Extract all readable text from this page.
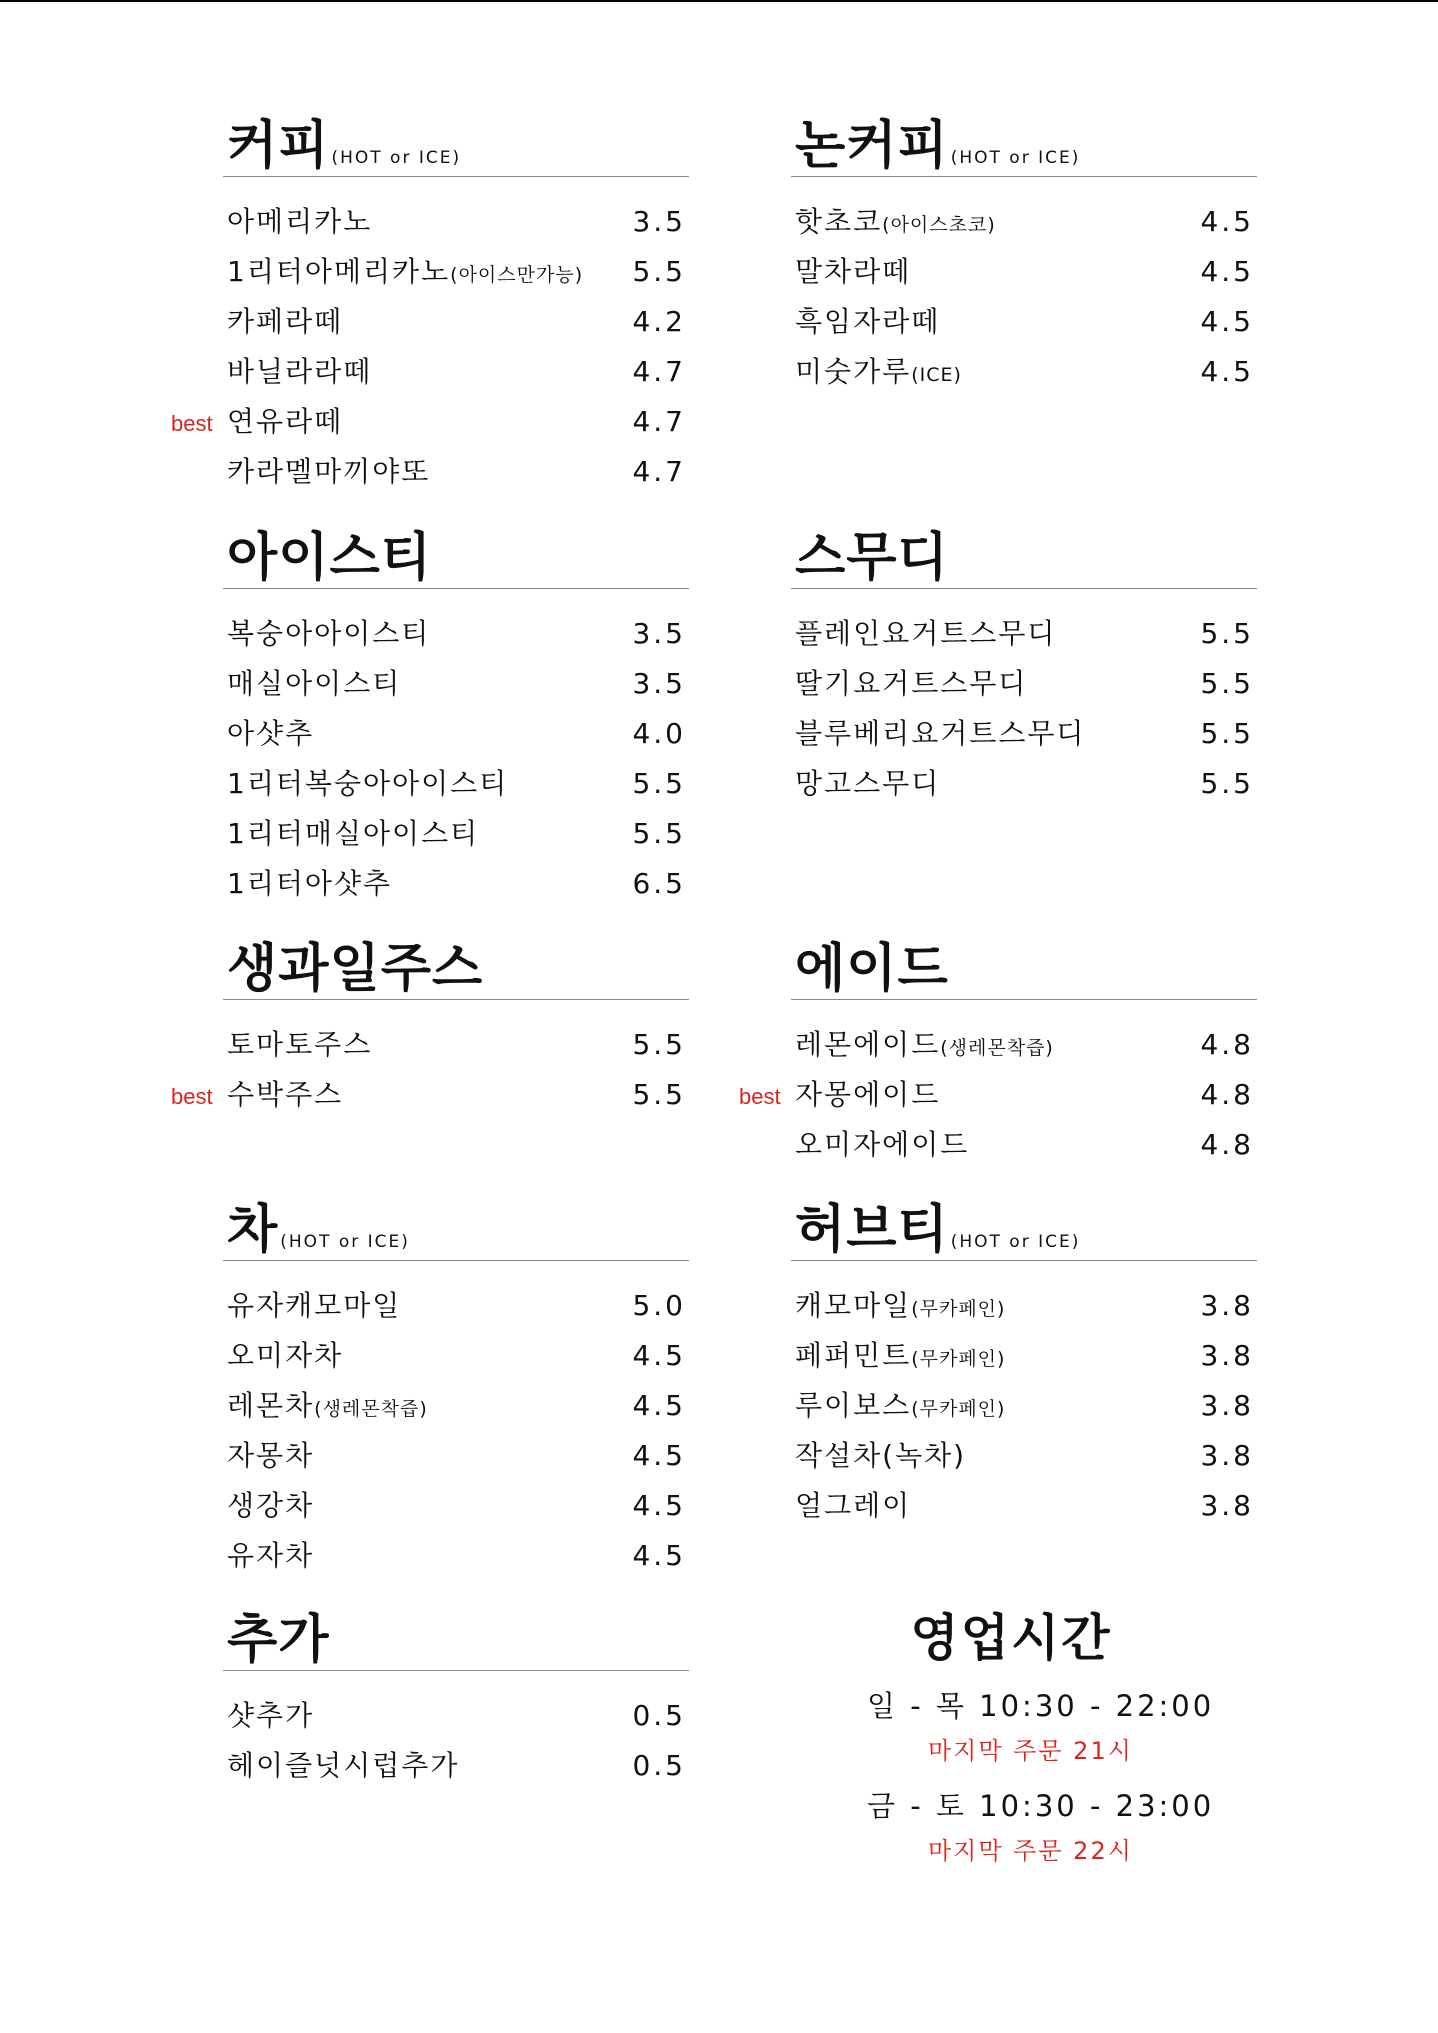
커피 (HOT or ICE)
아메리카노	3.5
1리터아메리카노(아이스만가능) 5.5
카페라떼	4.2
바닐라라떼	4.7
best 연유라떼	4.7
카라멜마끼야또	4.7
아이스티
복숭아아이스티	3.5
매실아이스티	3.5
아샷추	4.0
1리터복숭아아이스티	5.5
1리터매실아이스티	5.5
1리터아샷추	6.5
생과일주스
토마토주스	5.5
best 수박주스	5.5
차 (HOT or ICE)
유자캐모마일	5.0
오미자차	4.5
레몬차(생레몬착즙)	4.5
자몽차	4.5
생강차	4.5
유자차	4.5
추가
샷추가	0.5
헤이즐넛시럽추가	0.5
논커피 (HOT or ICE)
핫초코(아이스초코)	4.5
말차라떼	4.5
흑임자라떼	4.5
미숫가루(ICE)	4.5
스무디
플레인요거트스무디	5.5
딸기요거트스무디	5.5
블루베리요거트스무디	5.5
망고스무디	5.5
에이드
레몬에이드(생레몬착즙)	4.8
best 자몽에이드	4.8
오미자에이드	4.8
허브티 (HOT or ICE)
캐모마일(무카페인)	3.8
페퍼민트(무카페인)	3.8
루이보스(무카페인)	3.8
작설차(녹차)	3.8
얼그레이	3.8
영업시간
일 - 목 10:30 - 22:00
마지막 주문 21시
금 - 토 10:30 - 23:00
마지막 주문 22시
